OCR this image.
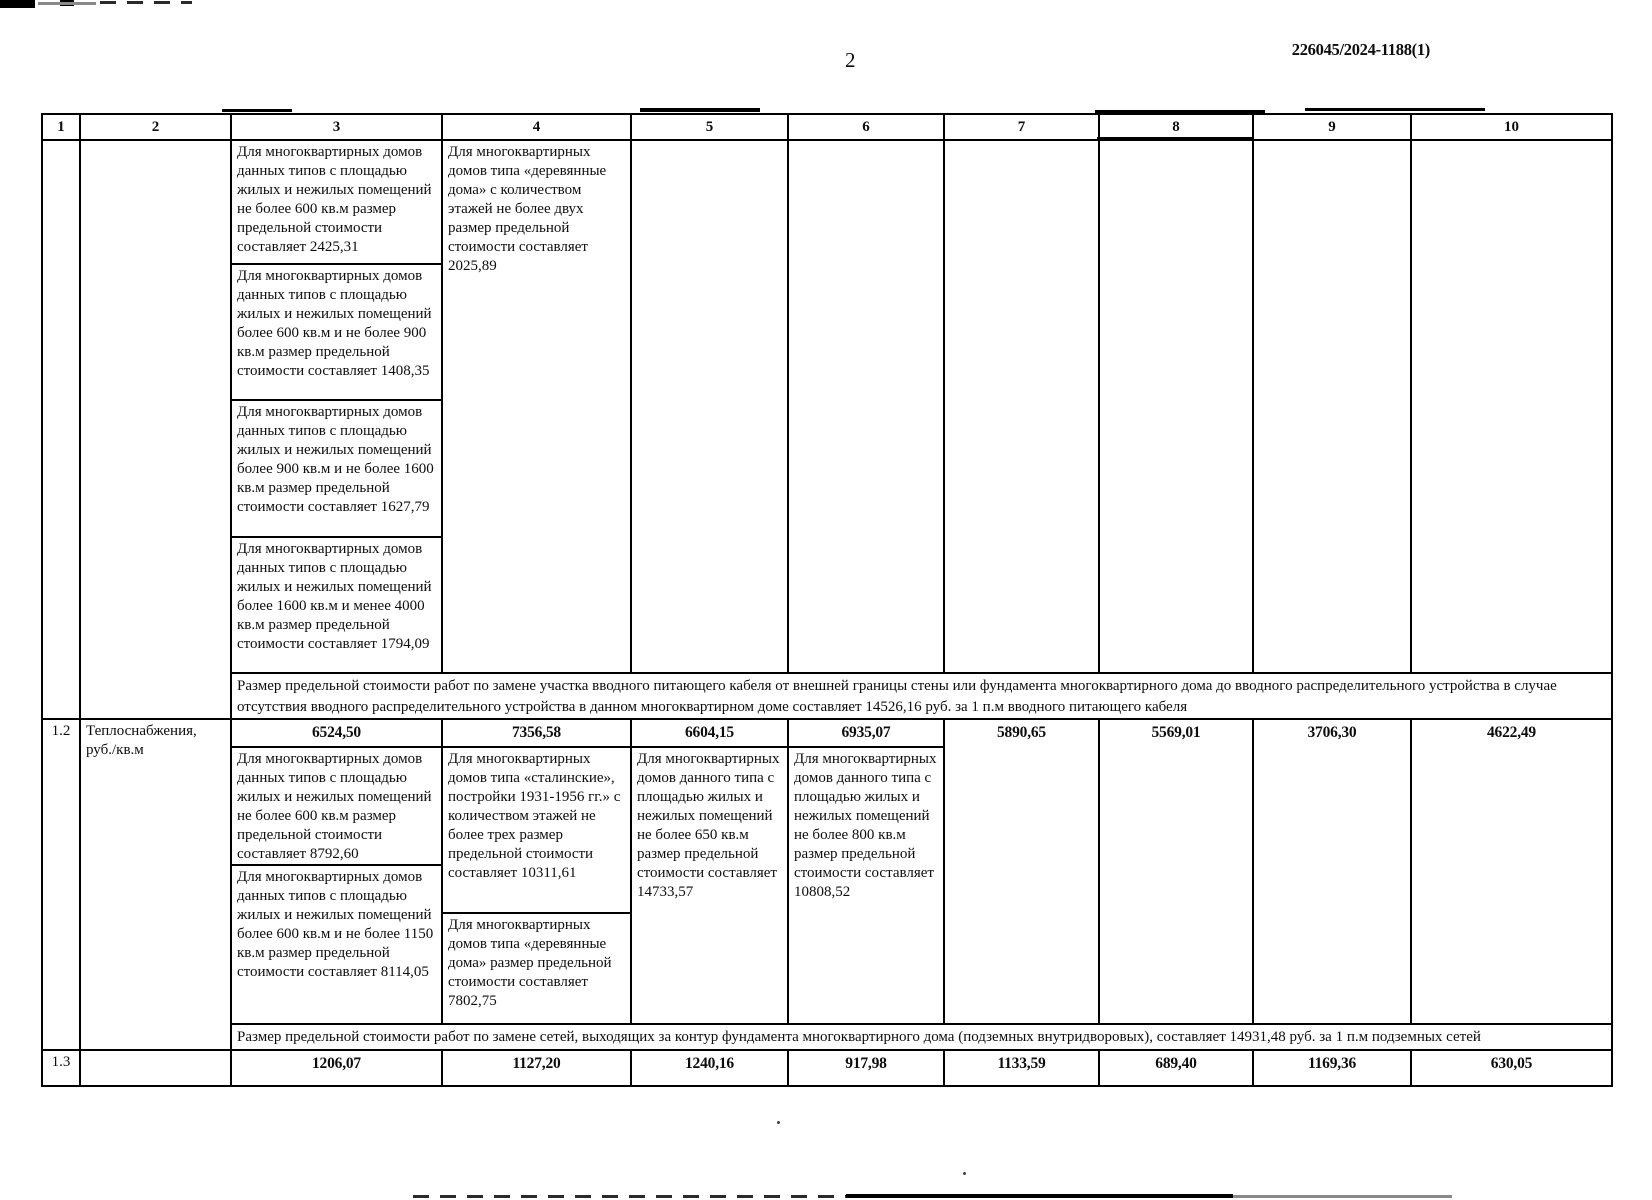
2	226045/2024-1188(1)
1	2	3	4	5	6	7	8	9	10
		Для многоквартирных домов данных типов с площадью жилых и нежилых помещений не более 600 кв.м размер предельной стоимости составляет 2425,31	Для многоквартирных домов типа «деревянные дома» с количеством этажей не более двух размер предельной стоимости составляет 2025,89						
		Для многоквартирных домов данных типов с площадью жилых и нежилых помещений более 600 кв.м и не более 900 кв.м размер предельной стоимости составляет 1408,35							
		Для многоквартирных домов данных типов с площадью жилых и нежилых помещений более 900 кв.м и не более 1600 кв.м размер предельной стоимости составляет 1627,79							
		Для многоквартирных домов данных типов с площадью жилых и нежилых помещений более 1600 кв.м и менее 4000 кв.м размер предельной стоимости составляет 1794,09							
		Размер предельной стоимости работ по замене участка вводного питающего кабеля от внешней границы стены или фундамента многоквартирного дома до вводного распределительного устройства в случае отсутствия вводного распределительного устройства в данном многоквартирном доме составляет 14526,16 руб. за 1 п.м вводного питающего кабеля							
1.2	Теплоснабжения, руб./кв.м	6524,50	7356,58	6604,15	6935,07	5890,65	5569,01	3706,30	4622,49
		Для многоквартирных домов данных типов с площадью жилых и нежилых помещений не более 600 кв.м размер предельной стоимости составляет 8792,60	Для многоквартирных домов типа «сталинские», постройки 1931-1956 гг.» с количеством этажей не более трех размер предельной стоимости составляет 10311,61	Для многоквартирных домов данного типа с площадью жилых и нежилых помещений не более 650 кв.м размер предельной стоимости составляет 14733,57	Для многоквартирных домов данного типа с площадью жилых и нежилых помещений не более 800 кв.м размер предельной стоимости составляет 10808,52				
		Для многоквартирных домов данных типов с площадью жилых и нежилых помещений более 600 кв.м и не более 1150 кв.м размер предельной стоимости составляет 8114,05							
			Для многоквартирных домов типа «деревянные дома» размер предельной стоимости составляет 7802,75						
		Размер предельной стоимости работ по замене сетей, выходящих за контур фундамента многоквартирного дома (подземных внутридворовых), составляет 14931,48 руб. за 1 п.м подземных сетей							
1.3		1206,07	1127,20	1240,16	917,98	1133,59	689,40	1169,36	630,05
